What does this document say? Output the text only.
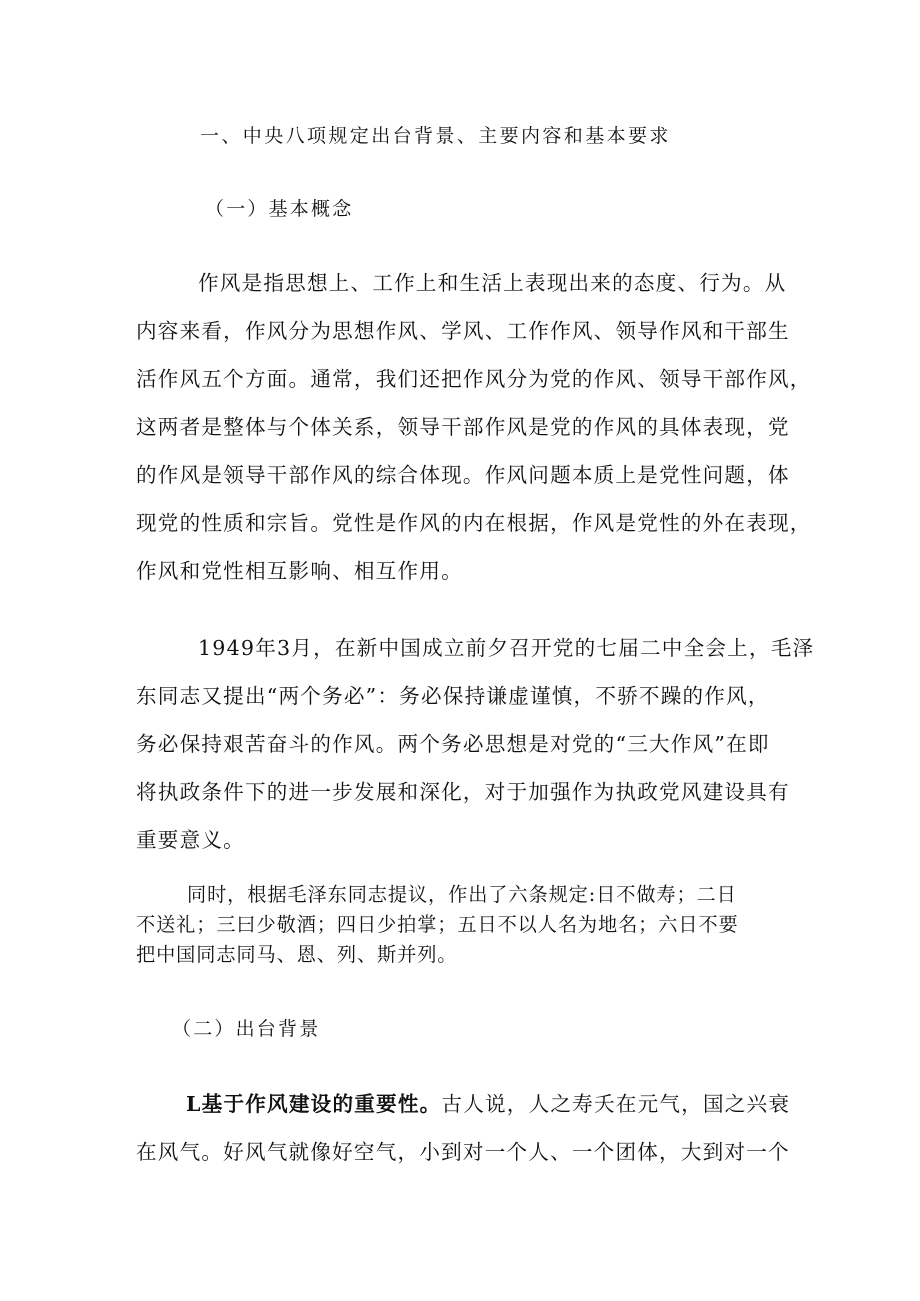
一、中央八项规定出台背景、主要内容和基本要求

（一）基本概念

作风是指思想上、工作上和生活上表现出来的态度、行为。从

内容来看，作风分为思想作风、学风、工作作风、领导作风和干部生

活作风五个方面。通常，我们还把作风分为党的作风、领导干部作风，

这两者是整体与个体关系，领导干部作风是党的作风的具体表现，党

的作风是领导干部作风的综合体现。作风问题本质上是党性问题，体

现党的性质和宗旨。党性是作风的内在根据，作风是党性的外在表现，

作风和党性相互影响、相互作用。

1949年3月，在新中国成立前夕召开党的七届二中全会上，毛泽

东同志又提出“两个务必”：务必保持谦虚谨慎，不骄不躁的作风，

务必保持艰苦奋斗的作风。两个务必思想是对党的“三大作风”在即

将执政条件下的进一步发展和深化，对于加强作为执政党风建设具有

重要意义。

同时，根据毛泽东同志提议，作出了六条规定:日不做寿；二日

不送礼；三曰少敬酒；四日少拍掌；五日不以人名为地名；六日不要

把中国同志同马、恩、列、斯并列。

（二）出台背景

L基于作风建设的重要性。古人说，人之寿夭在元气，国之兴衰

在风气。好风气就像好空气，小到对一个人、一个团体，大到对一个
